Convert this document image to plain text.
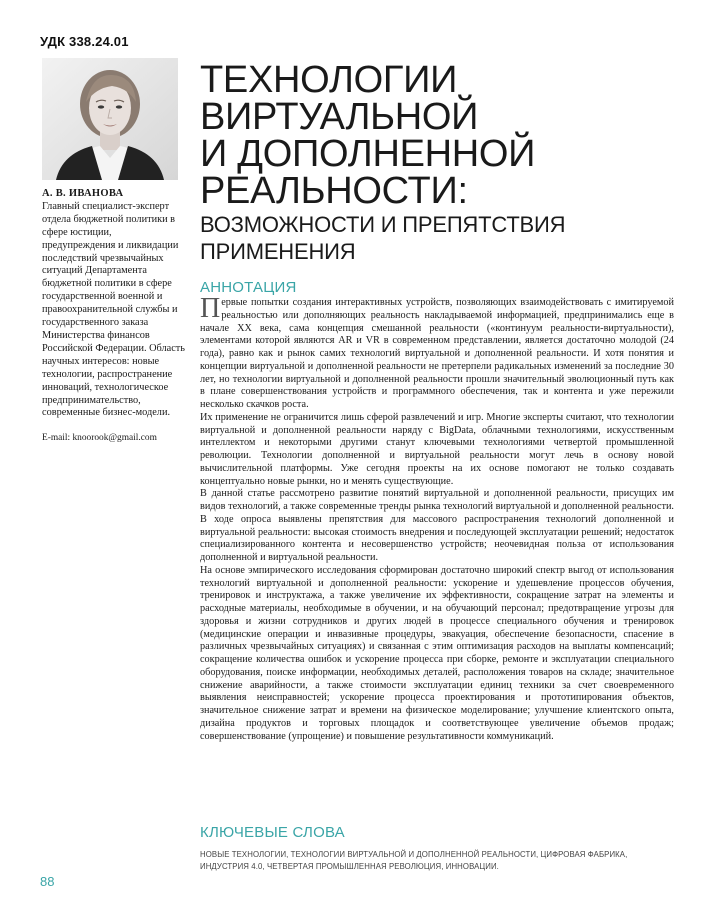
УДК 338.24.01
А. В. ИВАНОВА
Главный специалист-эксперт отдела бюджетной политики в сфере юстиции, предупреждения и ликвидации последствий чрезвычайных ситуаций Департамента бюджетной политики в сфере государственной военной и правоохранительной службы и государственного заказа Министерства финансов Российской Федерации. Область научных интересов: новые технологии, распространение инноваций, технологическое предпринимательство, современные бизнес-модели.
E-mail: knoorook@gmail.com
ТЕХНОЛОГИИ
ВИРТУАЛЬНОЙ
И ДОПОЛНЕННОЙ
РЕАЛЬНОСТИ:
ВОЗМОЖНОСТИ И ПРЕПЯТСТВИЯ
ПРИМЕНЕНИЯ
АННОТАЦИЯ

Первые попытки создания интерактивных устройств, позволяющих взаимодействовать с имитируемой реальностью или дополняющих реальность накладываемой информацией, предпринимались еще в начале XX века, сама концепция смешанной реальности («континуум реальности-виртуальности), элементами которой являются AR и VR в современном представлении, является достаточно молодой (24 года), равно как и рынок самих технологий виртуальной и дополненной реальности. И хотя понятия и концепции виртуальной и дополненной реальности не претерпели радикальных изменений за последние 30 лет, но технологии виртуальной и дополненной реальности прошли значительный эволюционный путь как в плане совершенствования устройств и программного обеспечения, так и контента и уже пережили несколько скачков роста.

Их применение не ограничится лишь сферой развлечений и игр. Многие эксперты считают, что технологии виртуальной и дополненной реальности наряду с BigData, облачными технологиями, искусственным интеллектом и некоторыми другими станут ключевыми технологиями четвертой промышленной революции. Технологии дополненной и виртуальной реальности могут лечь в основу новой вычислительной платформы. Уже сегодня проекты на их основе помогают не только создавать концептуально новые рынки, но и менять существующие.

В данной статье рассмотрено развитие понятий виртуальной и дополненной реальности, присущих им видов технологий, а также современные тренды рынка технологий виртуальной и дополненной реальности. В ходе опроса выявлены препятствия для массового распространения технологий дополненной и виртуальной реальности: высокая стоимость внедрения и последующей эксплуатации решений; недостаток специализированного контента и несовершенство устройств; неочевидная польза от использования дополненной и виртуальной реальности.

На основе эмпирического исследования сформирован достаточно широкий спектр выгод от использования технологий виртуальной и дополненной реальности: ускорение и удешевление процессов обучения, тренировок и инструктажа, а также увеличение их эффективности, сокращение затрат на элементы и расходные материалы, необходимые в обучении, и на обучающий персонал; предотвращение угрозы для здоровья и жизни сотрудников и других людей в процессе специального обучения и тренировок (медицинские операции и инвазивные процедуры, эвакуация, обеспечение безопасности, спасение в различных чрезвычайных ситуациях) и связанная с этим оптимизация расходов на выплаты компенсаций; сокращение количества ошибок и ускорение процесса при сборке, ремонте и эксплуатации специального оборудования, поиске информации, необходимых деталей, расположения товаров на складе; значительное снижение аварийности, а также стоимости эксплуатации единиц техники за счет своевременного выявления неисправностей; ускорение процесса проектирования и прототипирования объектов, значительное снижение затрат и времени на физическое моделирование; улучшение клиентского опыта, дизайна продуктов и торговых площадок и соответствующее увеличение объемов продаж; совершенствование (упрощение) и повышение результативности коммуникаций.

КЛЮЧЕВЫЕ СЛОВА
НОВЫЕ ТЕХНОЛОГИИ, ТЕХНОЛОГИИ ВИРТУАЛЬНОЙ И ДОПОЛНЕННОЙ РЕАЛЬНОСТИ, ЦИФРОВАЯ ФАБРИКА, ИНДУСТРИЯ 4.0, ЧЕТВЕРТАЯ ПРОМЫШЛЕННАЯ РЕВОЛЮЦИЯ, ИННОВАЦИИ.
88
